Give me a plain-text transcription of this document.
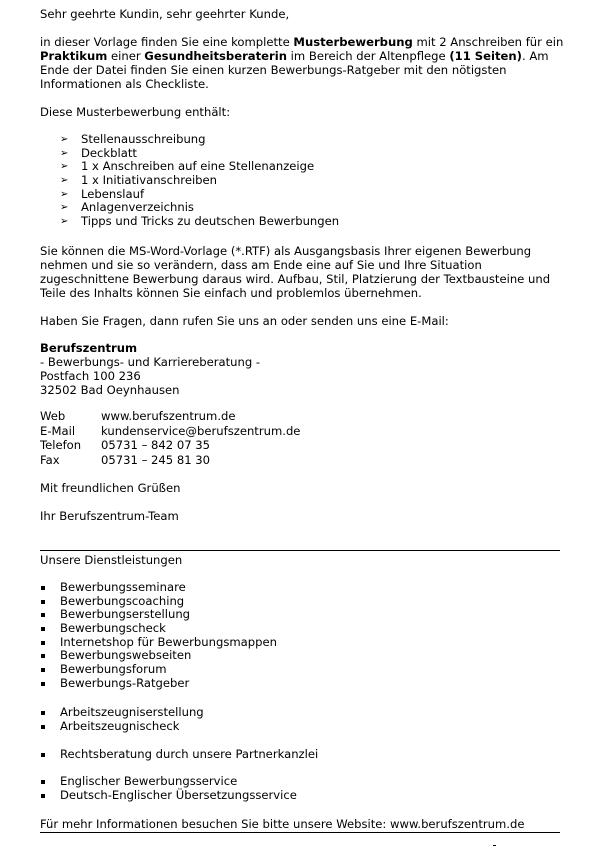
Sehr geehrte Kundin, sehr geehrter Kunde,
in dieser Vorlage finden Sie eine komplette Musterbewerbung mit 2 Anschreiben für ein
Praktikum einer Gesundheitsberaterin im Bereich der Altenpflege (11 Seiten). Am
Ende der Datei finden Sie einen kurzen Bewerbungs-Ratgeber mit den nötigsten
Informationen als Checkliste.
Diese Musterbewerbung enthält:
➢	Stellenausschreibung
➢	Deckblatt
➢	1 x Anschreiben auf eine Stellenanzeige
➢	1 x Initiativanschreiben
➢	Lebenslauf
➢	Anlagenverzeichnis
➢	Tipps und Tricks zu deutschen Bewerbungen
Sie können die MS-Word-Vorlage (*.RTF) als Ausgangsbasis Ihrer eigenen Bewerbung
nehmen und sie so verändern, dass am Ende eine auf Sie und Ihre Situation
zugeschnittene Bewerbung daraus wird. Aufbau, Stil, Platzierung der Textbausteine und
Teile des Inhalts können Sie einfach und problemlos übernehmen.
Haben Sie Fragen, dann rufen Sie uns an oder senden uns eine E-Mail:
Berufszentrum
- Bewerbungs- und Karriereberatung -
Postfach 100 236
32502 Bad Oeynhausen
Web	www.berufszentrum.de
E-Mail kundenservice@berufszentrum.de
Telefon 05731 – 842 07 35
Fax	05731 – 245 81 30
Mit freundlichen Grüßen
Ihr Berufszentrum-Team
Unsere Dienstleistungen
Bewerbungsseminare
Bewerbungscoaching
Bewerbungserstellung
Bewerbungscheck
Internetshop für Bewerbungsmappen
Bewerbungswebseiten
Bewerbungsforum
Bewerbungs-Ratgeber
Arbeitszeugniserstellung
Arbeitszeugnischeck
Rechtsberatung durch unsere Partnerkanzlei
Englischer Bewerbungsservice
Deutsch-Englischer Übersetzungsservice
Für mehr Informationen besuchen Sie bitte unsere Website: www.berufszentrum.de
